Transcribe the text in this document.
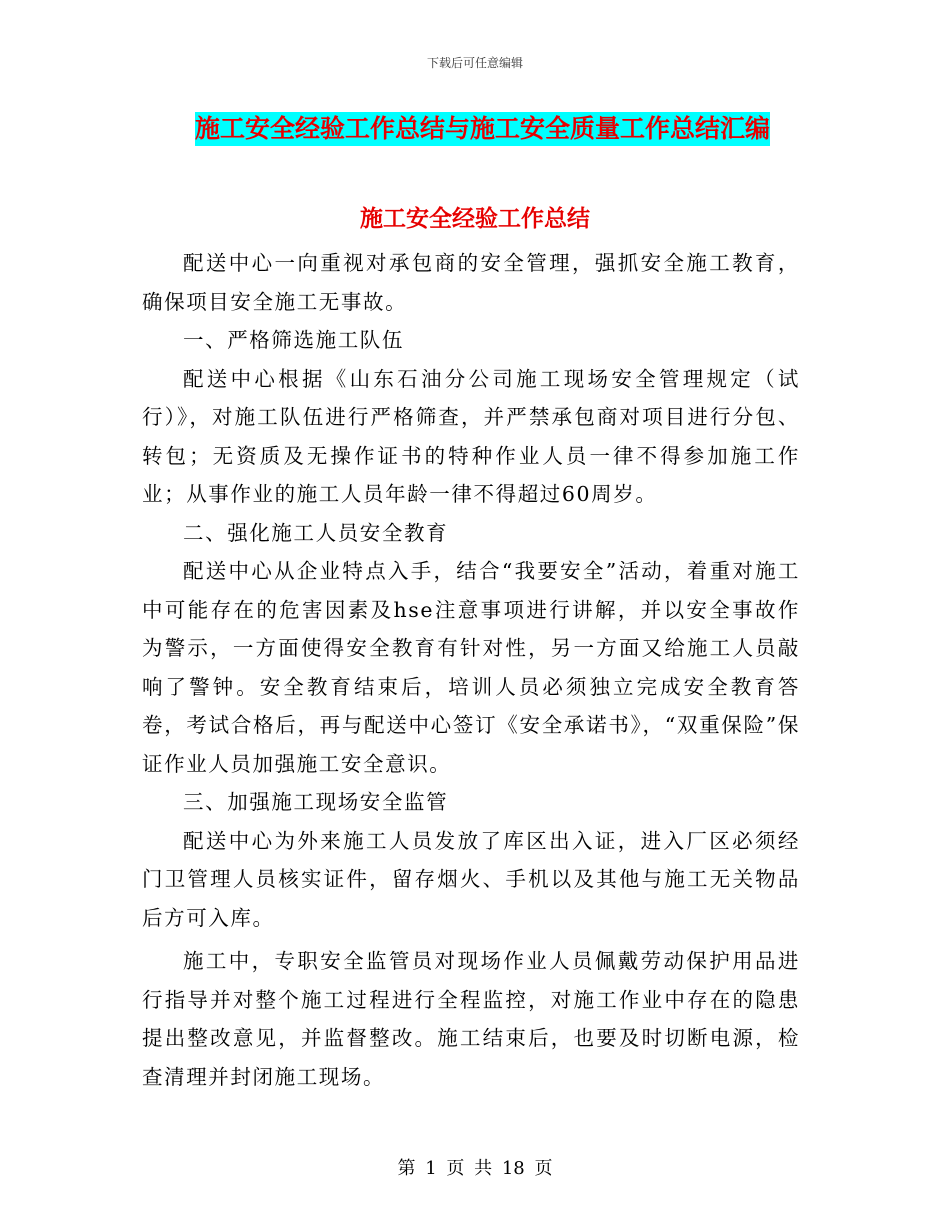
下载后可任意编辑
施工安全经验工作总结与施工安全质量工作总结汇编
施工安全经验工作总结

配送中心一向重视对承包商的安全管理，强抓安全施工教育，确保项目安全施工无事故。

一、严格筛选施工队伍

配送中心根据《山东石油分公司施工现场安全管理规定（试行）》，对施工队伍进行严格筛查，并严禁承包商对项目进行分包、转包；无资质及无操作证书的特种作业人员一律不得参加施工作业；从事作业的施工人员年龄一律不得超过60周岁。

二、强化施工人员安全教育

配送中心从企业特点入手，结合“我要安全”活动，着重对施工中可能存在的危害因素及hse注意事项进行讲解，并以安全事故作为警示，一方面使得安全教育有针对性，另一方面又给施工人员敲响了警钟。安全教育结束后，培训人员必须独立完成安全教育答卷，考试合格后，再与配送中心签订《安全承诺书》，“双重保险”保证作业人员加强施工安全意识。

三、加强施工现场安全监管

配送中心为外来施工人员发放了库区出入证，进入厂区必须经门卫管理人员核实证件，留存烟火、手机以及其他与施工无关物品后方可入库。

施工中，专职安全监管员对现场作业人员佩戴劳动保护用品进行指导并对整个施工过程进行全程监控，对施工作业中存在的隐患提出整改意见，并监督整改。施工结束后，也要及时切断电源，检查清理并封闭施工现场。

第 1 页 共 18 页
